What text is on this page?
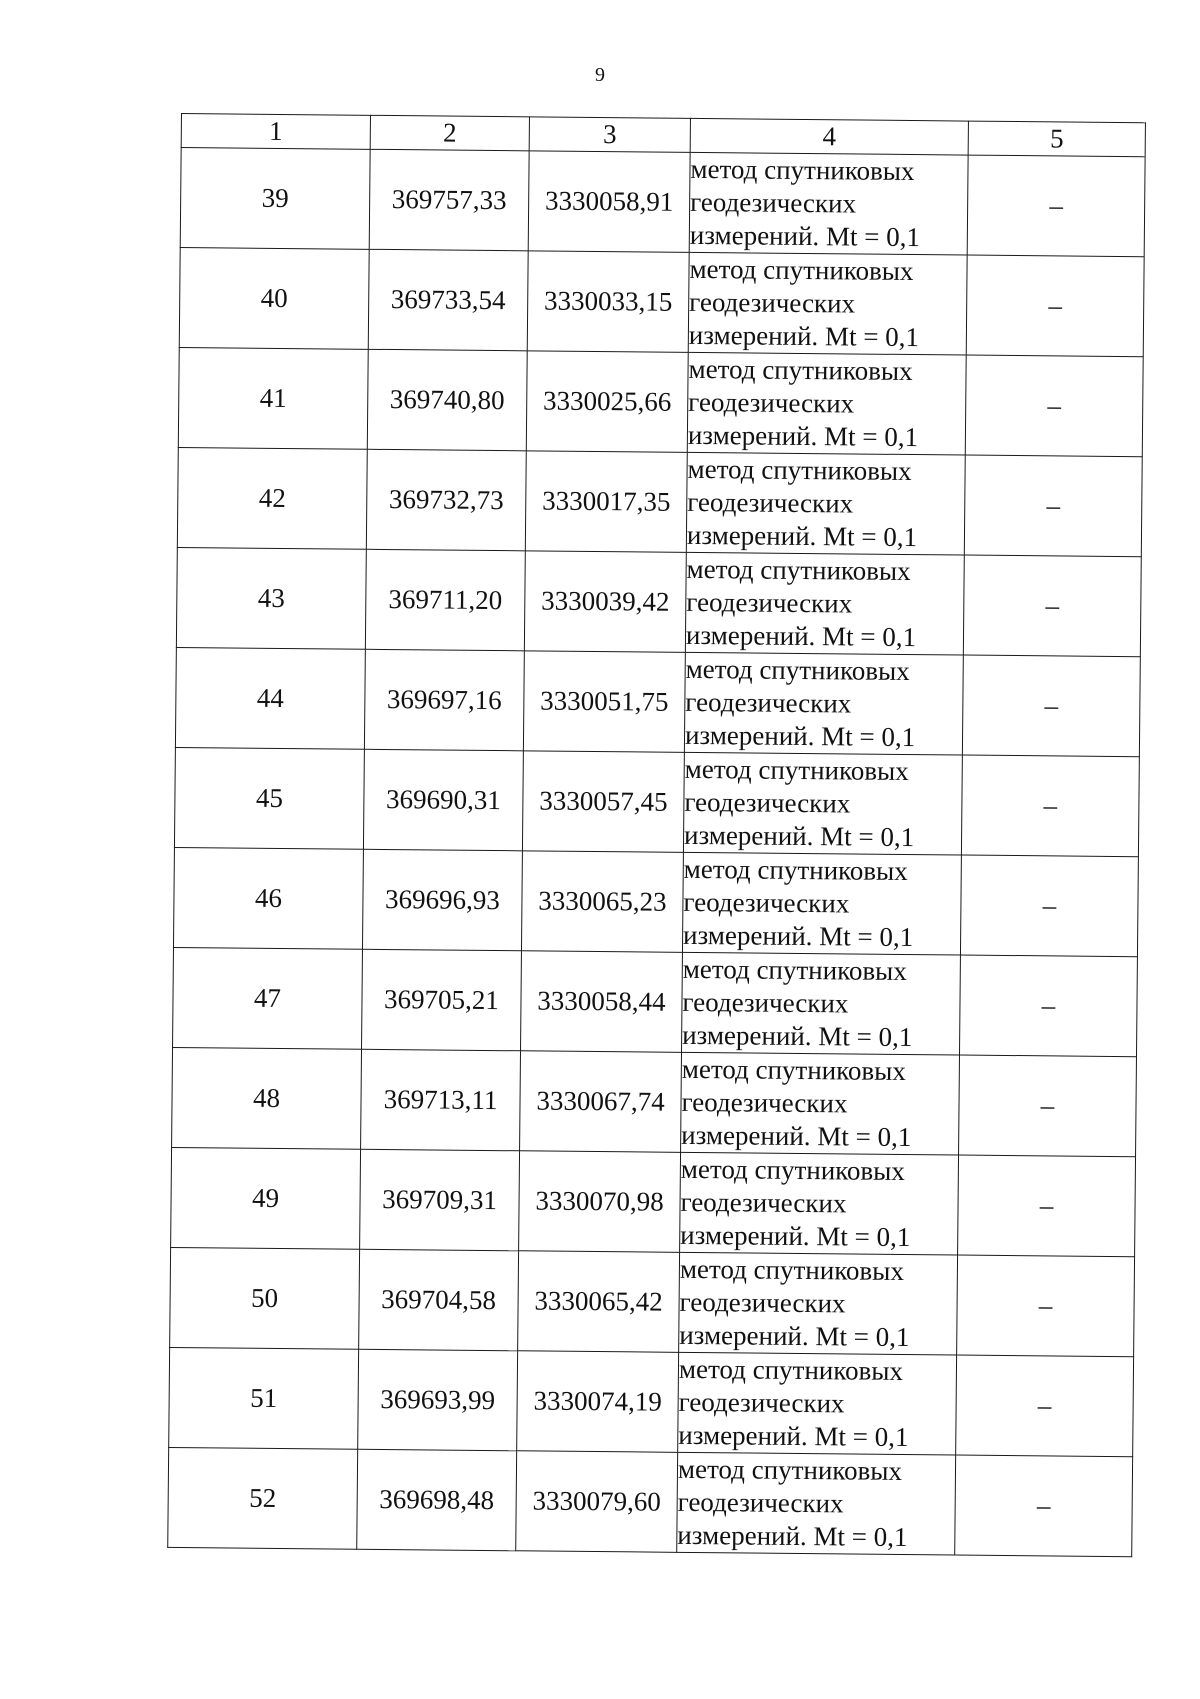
9
1	2	3	4	5
39	369757,33	3330058,91	метод спутниковых
геодезических
измерений. Mt = 0,1	–
40	369733,54	3330033,15	метод спутниковых
геодезических
измерений. Mt = 0,1	–
41	369740,80	3330025,66	метод спутниковых
геодезических
измерений. Mt = 0,1	–
42	369732,73	3330017,35	метод спутниковых
геодезических
измерений. Mt = 0,1	–
43	369711,20	3330039,42	метод спутниковых
геодезических
измерений. Mt = 0,1	–
44	369697,16	3330051,75	метод спутниковых
геодезических
измерений. Mt = 0,1	–
45	369690,31	3330057,45	метод спутниковых
геодезических
измерений. Mt = 0,1	–
46	369696,93	3330065,23	метод спутниковых
геодезических
измерений. Mt = 0,1	–
47	369705,21	3330058,44	метод спутниковых
геодезических
измерений. Mt = 0,1	–
48	369713,11	3330067,74	метод спутниковых
геодезических
измерений. Mt = 0,1	–
49	369709,31	3330070,98	метод спутниковых
геодезических
измерений. Mt = 0,1	–
50	369704,58	3330065,42	метод спутниковых
геодезических
измерений. Mt = 0,1	–
51	369693,99	3330074,19	метод спутниковых
геодезических
измерений. Mt = 0,1	–
52	369698,48	3330079,60	метод спутниковых
геодезических
измерений. Mt = 0,1	–
